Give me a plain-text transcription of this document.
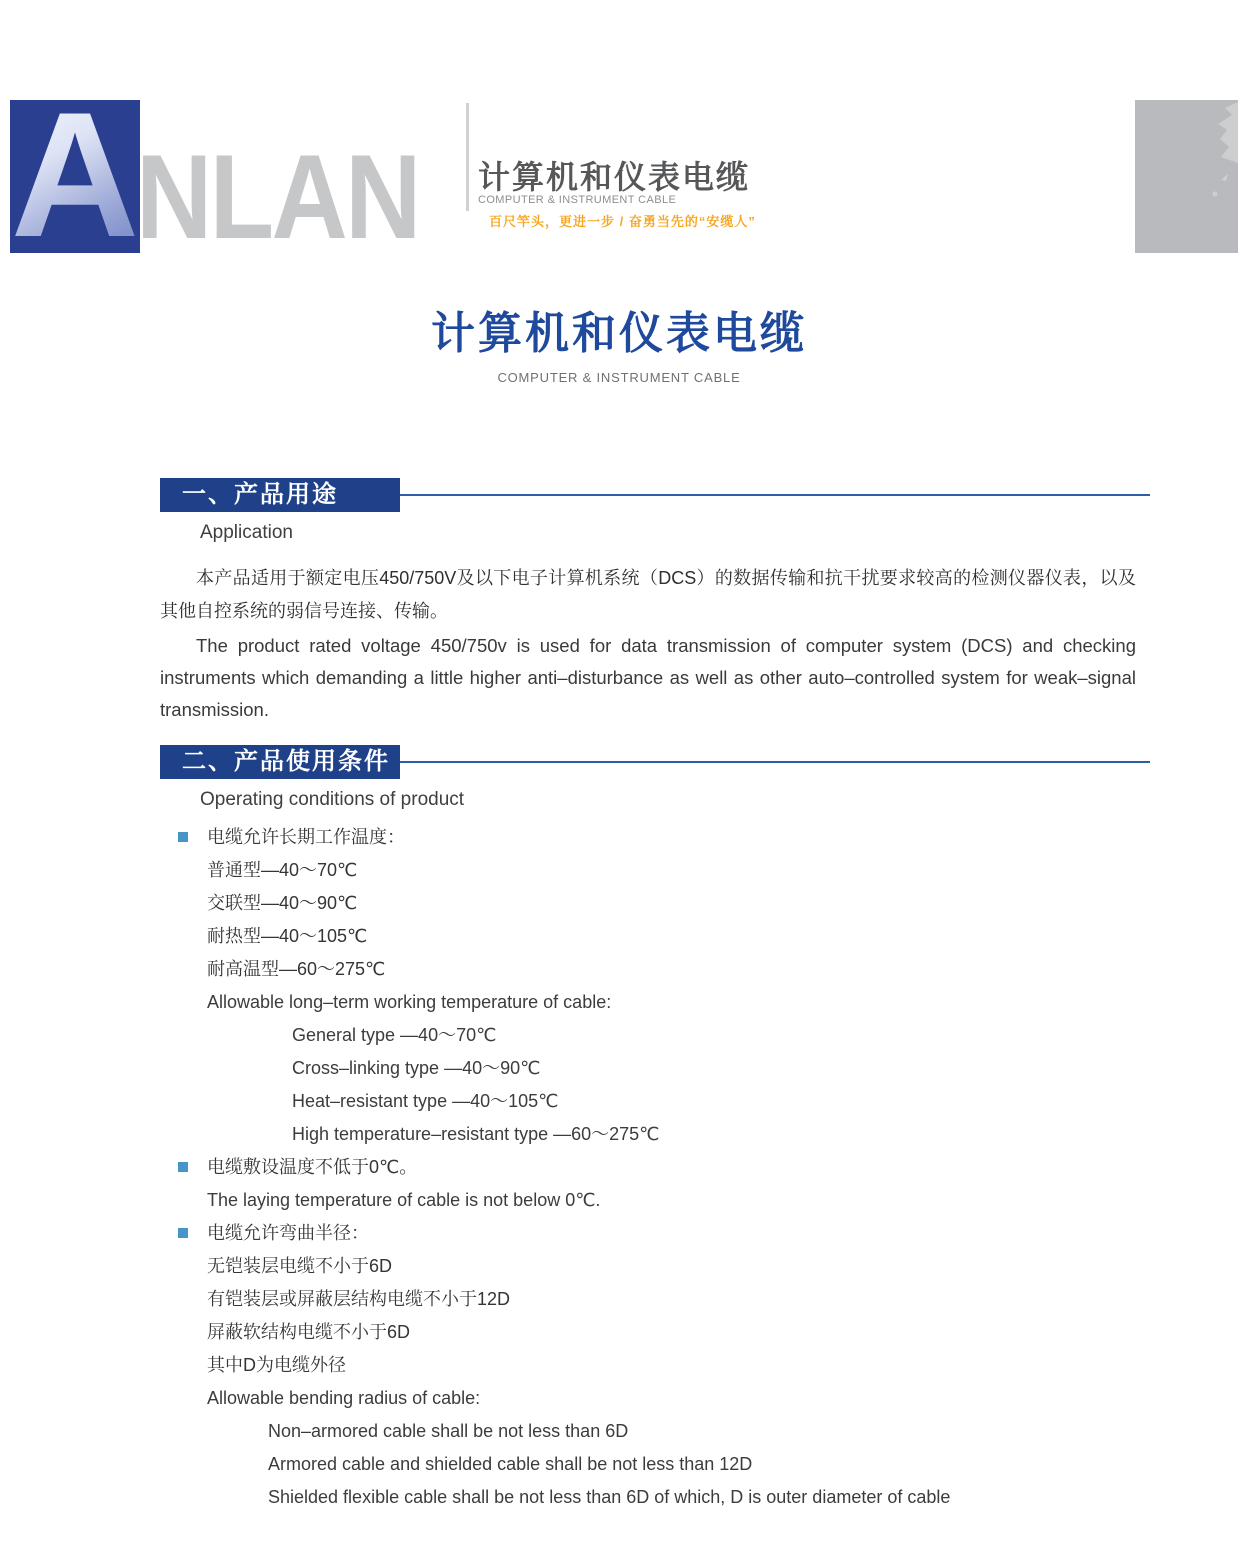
A
NLAN 计算机和仪表电缆
COMPUTER & INSTRUMENT CABLE
百尺竿头，更进一步 / 奋勇当先的“安缆人”
计算机和仪表电缆
COMPUTER & INSTRUMENT CABLE
一、产品用途
Application

本产品适用于额定电压450/750V及以下电子计算机系统（DCS）的数据传输和抗干扰要求较高的检测仪器仪表，以及其他自控系统的弱信号连接、传输。

The product rated voltage 450/750v is used for data transmission of computer system (DCS) and checking instruments which demanding a little higher anti–disturbance as well as other auto–controlled system for weak–signal transmission.

二、产品使用条件
Operating conditions of product
电缆允许长期工作温度：
普通型—40～70℃
交联型—40～90℃
耐热型—40～105℃
耐高温型—60～275℃
Allowable long–term working temperature of cable:
General type —40～70℃
Cross–linking type —40～90℃
Heat–resistant type —40～105℃
High temperature–resistant type —60～275℃
电缆敷设温度不低于0℃。
The laying temperature of cable is not below 0℃.
电缆允许弯曲半径：
无铠装层电缆不小于6D
有铠装层或屏蔽层结构电缆不小于12D
屏蔽软结构电缆不小于6D
其中D为电缆外径
Allowable bending radius of cable:
Non–armored cable shall be not less than 6D
Armored cable and shielded cable shall be not less than 12D
Shielded flexible cable shall be not less than 6D of which, D is outer diameter of cable
